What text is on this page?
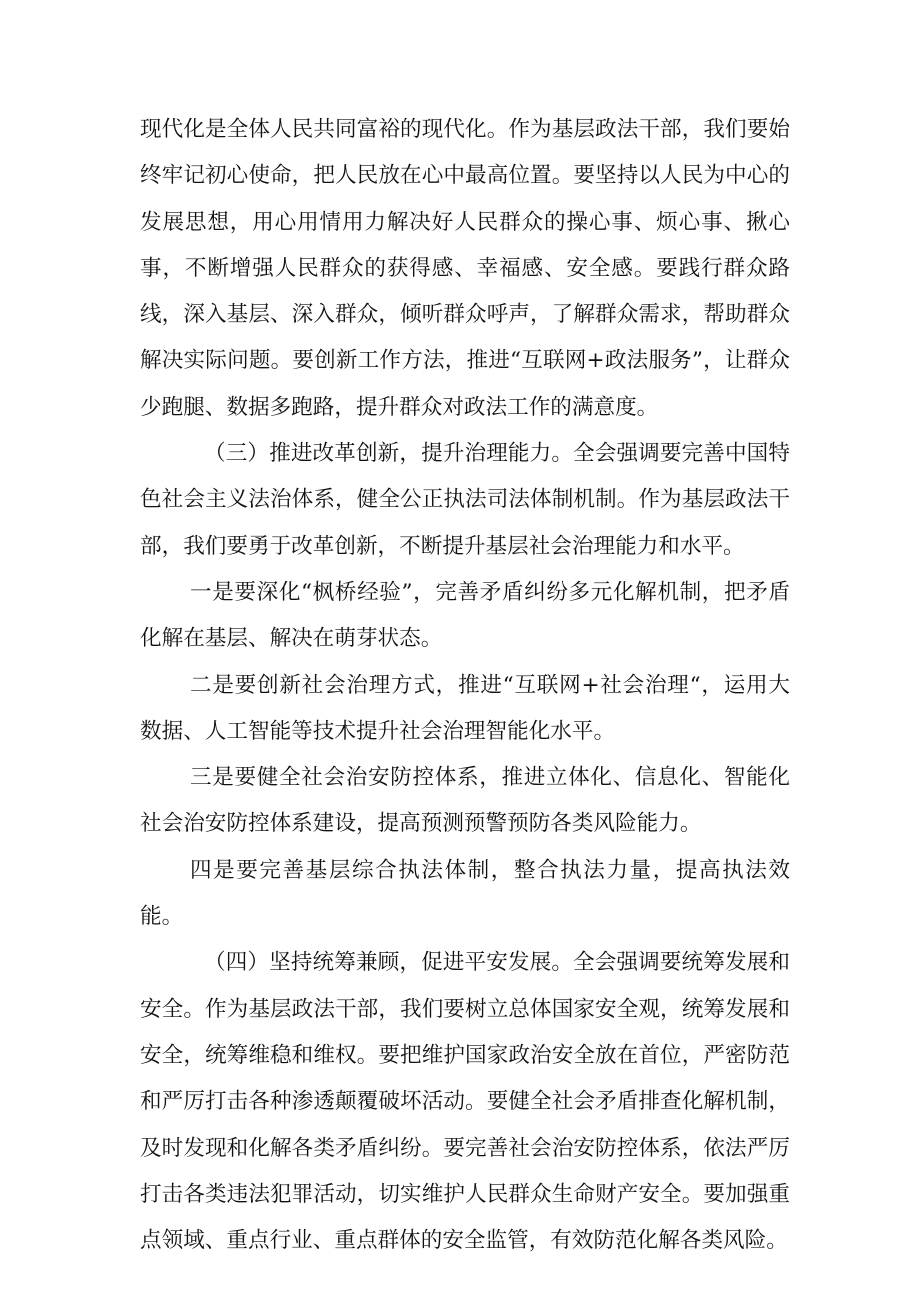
现代化是全体人民共同富裕的现代化。作为基层政法干部，我们要始终牢记初心使命，把人民放在心中最高位置。要坚持以人民为中心的发展思想，用心用情用力解决好人民群众的操心事、烦心事、揪心事，不断增强人民群众的获得感、幸福感、安全感。要践行群众路线，深入基层、深入群众，倾听群众呼声，了解群众需求，帮助群众解决实际问题。要创新工作方法，推进“互联网+政法服务”，让群众少跑腿、数据多跑路，提升群众对政法工作的满意度。

（三）推进改革创新，提升治理能力。全会强调要完善中国特色社会主义法治体系，健全公正执法司法体制机制。作为基层政法干部，我们要勇于改革创新，不断提升基层社会治理能力和水平。

一是要深化“枫桥经验”，完善矛盾纠纷多元化解机制，把矛盾化解在基层、解决在萌芽状态。

二是要创新社会治理方式，推进“互联网+社会治理“，运用大数据、人工智能等技术提升社会治理智能化水平。

三是要健全社会治安防控体系，推进立体化、信息化、智能化社会治安防控体系建设，提高预测预警预防各类风险能力。

四是要完善基层综合执法体制，整合执法力量，提高执法效能。

（四）坚持统筹兼顾，促进平安发展。全会强调要统筹发展和安全。作为基层政法干部，我们要树立总体国家安全观，统筹发展和安全，统筹维稳和维权。要把维护国家政治安全放在首位，严密防范和严厉打击各种渗透颠覆破坏活动。要健全社会矛盾排查化解机制，及时发现和化解各类矛盾纠纷。要完善社会治安防控体系，依法严厉打击各类违法犯罪活动，切实维护人民群众生命财产安全。要加强重点领域、重点行业、重点群体的安全监管，有效防范化解各类风险。
